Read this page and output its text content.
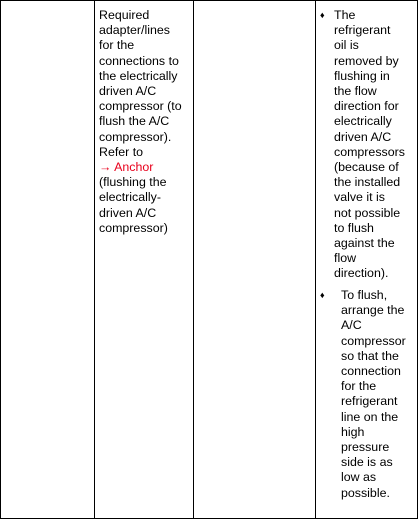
Required
adapter/lines
for the
connections to
the electrically
driven A/C
compressor (to
flush the A/C
compressor).
Refer to
→ Anchor
(flushing the
electrically-
driven A/C
compressor)
♦ The
refrigerant
oil is
removed by
flushing in
the flow
direction for
electrically
driven A/C
compressors
(because of
the installed
valve it is
not possible
to flush
against the
flow
direction).
♦ To flush,
arrange the
A/C
compressor
so that the
connection
for the
refrigerant
line on the
high
pressure
side is as
low as
possible.
